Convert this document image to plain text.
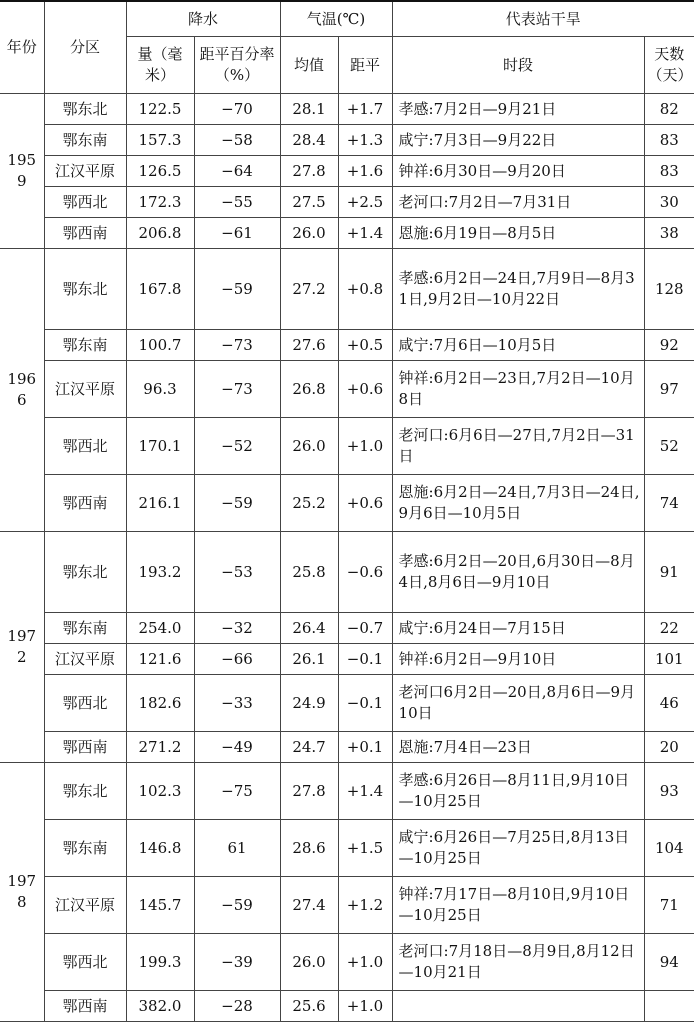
年份	分区	降水		气温(℃)		代表站干旱	
		量（毫米）	距平百分率（%）	均值	距平	时段	天数（天）
1959	鄂东北	122.5	−70	28.1	+1.7	孝感:7月2日—9月21日	82
	鄂东南	157.3	−58	28.4	+1.3	咸宁:7月3日—9月22日	83
	江汉平原	126.5	−64	27.8	+1.6	钟祥:6月30日—9月20日	83
	鄂西北	172.3	−55	27.5	+2.5	老河口:7月2日—7月31日	30
	鄂西南	206.8	−61	26.0	+1.4	恩施:6月19日—8月5日	38
1966	鄂东北	167.8	−59	27.2	+0.8	孝感:6月2日—24日,7月9日—8月31日,9月2日—10月22日	128
	鄂东南	100.7	−73	27.6	+0.5	咸宁:7月6日—10月5日	92
	江汉平原	96.3	−73	26.8	+0.6	钟祥:6月2日—23日,7月2日—10月8日	97
	鄂西北	170.1	−52	26.0	+1.0	老河口:6月6日—27日,7月2日—31日	52
	鄂西南	216.1	−59	25.2	+0.6	恩施:6月2日—24日,7月3日—24日,9月6日—10月5日	74
1972	鄂东北	193.2	−53	25.8	−0.6	孝感:6月2日—20日,6月30日—8月4日,8月6日—9月10日	91
	鄂东南	254.0	−32	26.4	−0.7	咸宁:6月24日—7月15日	22
	江汉平原	121.6	−66	26.1	−0.1	钟祥:6月2日—9月10日	101
	鄂西北	182.6	−33	24.9	−0.1	老河口6月2日—20日,8月6日—9月10日	46
	鄂西南	271.2	−49	24.7	+0.1	恩施:7月4日—23日	20
1978	鄂东北	102.3	−75	27.8	+1.4	孝感:6月26日—8月11日,9月10日—10月25日	93
	鄂东南	146.8	61	28.6	+1.5	咸宁:6月26日—7月25日,8月13日—10月25日	104
	江汉平原	145.7	−59	27.4	+1.2	钟祥:7月17日—8月10日,9月10日—10月25日	71
	鄂西北	199.3	−39	26.0	+1.0	老河口:7月18日—8月9日,8月12日—10月21日	94
	鄂西南	382.0	−28	25.6	+1.0		
